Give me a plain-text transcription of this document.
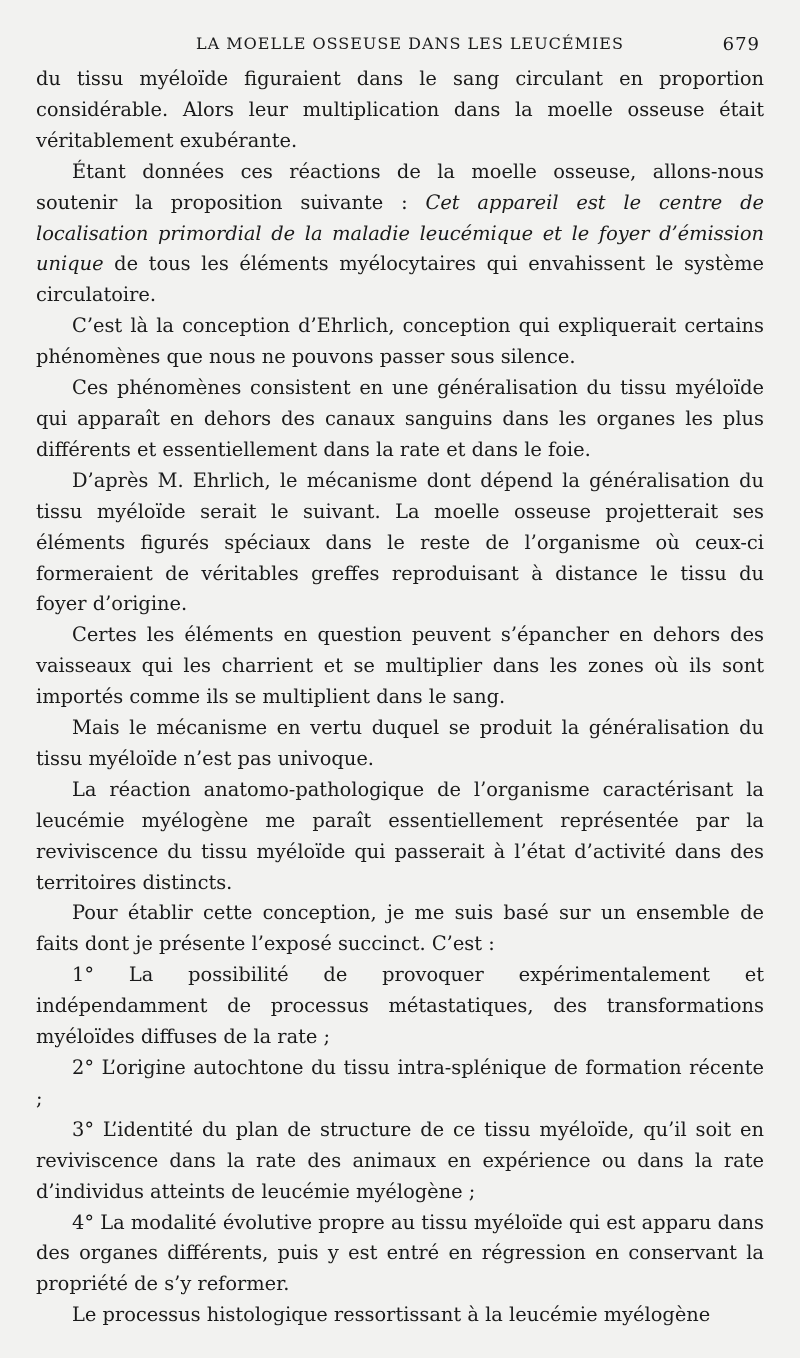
LA MOELLE OSSEUSE DANS LES LEUCÉMIES	679

du tissu myéloïde figuraient dans le sang circulant en proportion considérable. Alors leur multiplication dans la moelle osseuse était véritablement exubérante.

Étant données ces réactions de la moelle osseuse, allons-nous soutenir la proposition suivante : Cet appareil est le centre de localisation primordial de la maladie leucémique et le foyer d’émission unique de tous les éléments myélocytaires qui envahissent le système circulatoire.

C’est là la conception d’Ehrlich, conception qui expliquerait certains phénomènes que nous ne pouvons passer sous silence.

Ces phénomènes consistent en une généralisation du tissu myéloïde qui apparaît en dehors des canaux sanguins dans les organes les plus différents et essentiellement dans la rate et dans le foie.

D’après M. Ehrlich, le mécanisme dont dépend la généralisation du tissu myéloïde serait le suivant. La moelle osseuse projetterait ses éléments figurés spéciaux dans le reste de l’organisme où ceux-ci formeraient de véritables greffes reproduisant à distance le tissu du foyer d’origine.

Certes les éléments en question peuvent s’épancher en dehors des vaisseaux qui les charrient et se multiplier dans les zones où ils sont importés comme ils se multiplient dans le sang.

Mais le mécanisme en vertu duquel se produit la généralisation du tissu myéloïde n’est pas univoque.

La réaction anatomo-pathologique de l’organisme caractérisant la leucémie myélogène me paraît essentiellement représentée par la reviviscence du tissu myéloïde qui passerait à l’état d’activité dans des territoires distincts.

Pour établir cette conception, je me suis basé sur un ensemble de faits dont je présente l’exposé succinct. C’est :

1° La possibilité de provoquer expérimentalement et indépendamment de processus métastatiques, des transformations myéloïdes diffuses de la rate ;

2° L’origine autochtone du tissu intra-splénique de formation récente ;

3° L’identité du plan de structure de ce tissu myéloïde, qu’il soit en reviviscence dans la rate des animaux en expérience ou dans la rate d’individus atteints de leucémie myélogène ;

4° La modalité évolutive propre au tissu myéloïde qui est apparu dans des organes différents, puis y est entré en régression en conservant la propriété de s’y reformer.

Le processus histologique ressortissant à la leucémie myélogène
